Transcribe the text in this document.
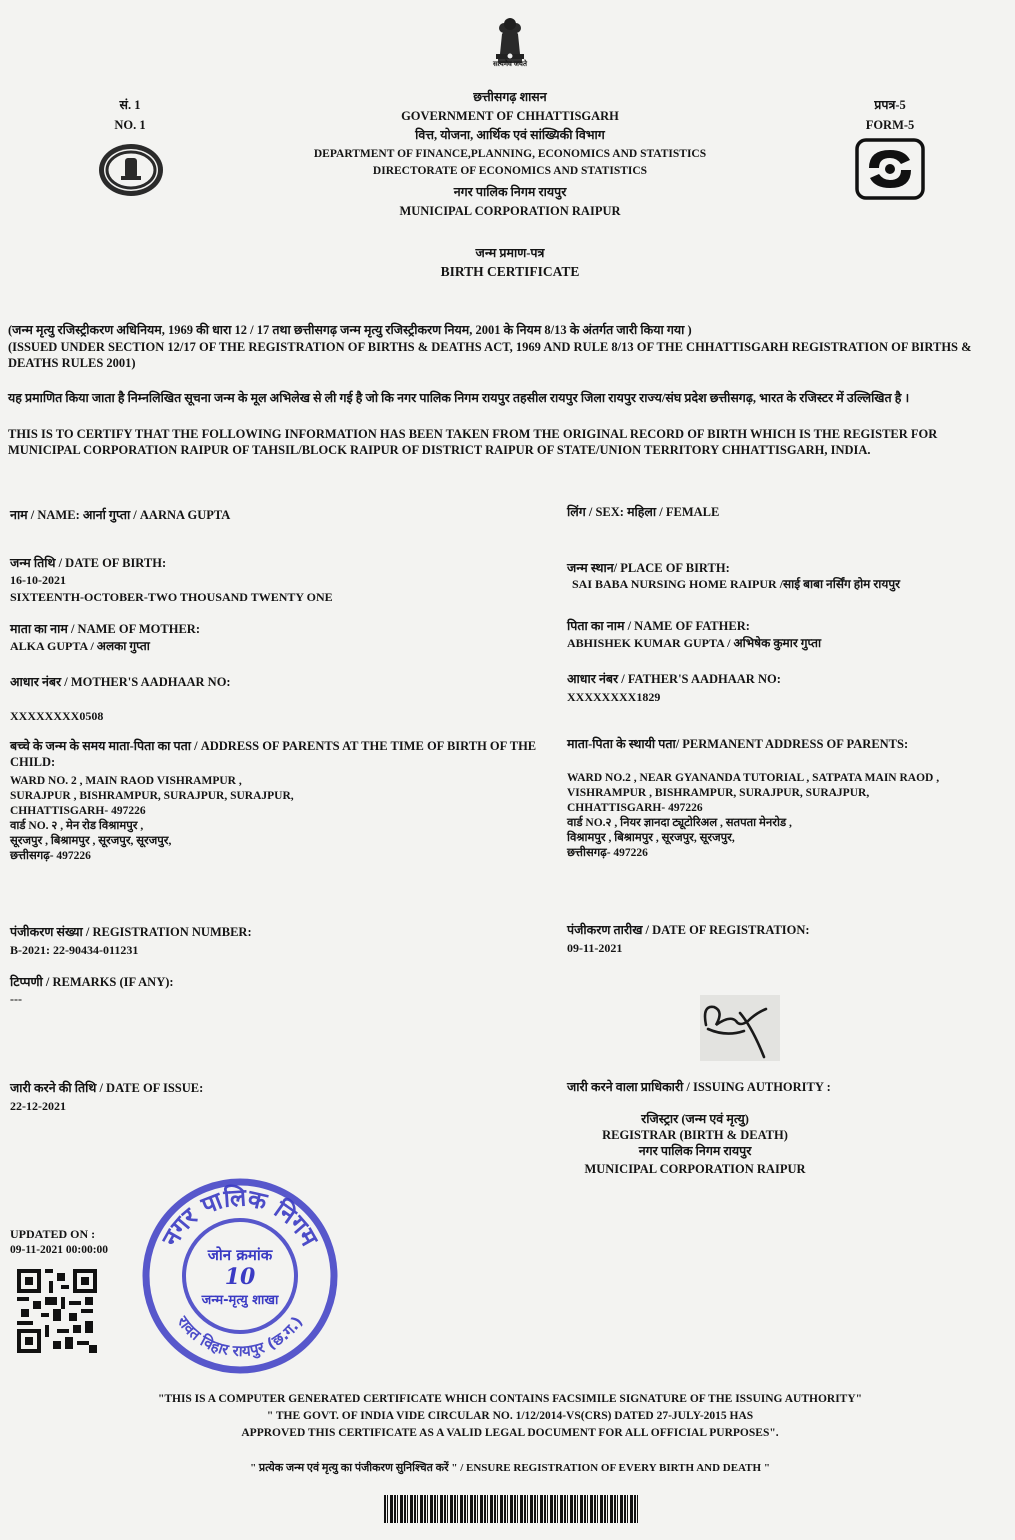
सत्यमेव जयते
सं. 1
NO. 1
प्रपत्र-5
FORM-5
छत्तीसगढ़ शासन
GOVERNMENT OF CHHATTISGARH
वित्त, योजना, आर्थिक एवं सांख्यिकी विभाग
DEPARTMENT OF FINANCE,PLANNING, ECONOMICS AND STATISTICS
DIRECTORATE OF ECONOMICS AND STATISTICS
नगर पालिक निगम रायपुर
MUNICIPAL CORPORATION RAIPUR
जन्म प्रमाण-पत्र
BIRTH CERTIFICATE
(जन्म मृत्यु रजिस्ट्रीकरण अधिनियम, 1969 की धारा 12 / 17 तथा छत्तीसगढ़ जन्म मृत्यु रजिस्ट्रीकरण नियम, 2001 के नियम 8/13 के अंतर्गत जारी किया गया )
(ISSUED UNDER SECTION 12/17 OF THE REGISTRATION OF BIRTHS & DEATHS ACT, 1969 AND RULE 8/13 OF THE CHHATTISGARH REGISTRATION OF BIRTHS & DEATHS RULES 2001)
यह प्रमाणित किया जाता है निम्नलिखित सूचना जन्म के मूल अभिलेख से ली गई है जो कि नगर पालिक निगम रायपुर तहसील रायपुर जिला रायपुर राज्य/संघ प्रदेश छत्तीसगढ़, भारत के रजिस्टर में उल्लिखित है ।
THIS IS TO CERTIFY THAT THE FOLLOWING INFORMATION HAS BEEN TAKEN FROM THE ORIGINAL RECORD OF BIRTH WHICH IS THE REGISTER FOR MUNICIPAL CORPORATION RAIPUR OF TAHSIL/BLOCK RAIPUR OF DISTRICT RAIPUR OF STATE/UNION TERRITORY CHHATTISGARH, INDIA.
नाम / NAME: आर्ना गुप्ता / AARNA GUPTA
जन्म तिथि / DATE OF BIRTH:
16-10-2021
SIXTEENTH-OCTOBER-TWO THOUSAND TWENTY ONE
माता का नाम / NAME OF MOTHER:
ALKA GUPTA / अलका गुप्ता
आधार नंबर / MOTHER'S AADHAAR NO:
XXXXXXXX0508
बच्चे के जन्म के समय माता-पिता का पता / ADDRESS OF PARENTS AT THE TIME OF BIRTH OF THE CHILD:
WARD NO. 2 , MAIN RAOD VISHRAMPUR ,
SURAJPUR , BISHRAMPUR, SURAJPUR, SURAJPUR,
CHHATTISGARH- 497226
वार्ड NO. २ , मेन रोड विश्रामपुर ,
सूरजपुर , बिश्रामपुर , सूरजपुर, सूरजपुर,
छत्तीसगढ़- 497226
पंजीकरण संख्या / REGISTRATION NUMBER:
B-2021: 22-90434-011231
टिप्पणी / REMARKS (IF ANY):
---
जारी करने की तिथि / DATE OF ISSUE:
22-12-2021
लिंग / SEX: महिला / FEMALE
जन्म स्थान/ PLACE OF BIRTH:
SAI BABA NURSING HOME RAIPUR /साई बाबा नर्सिंग होम रायपुर
पिता का नाम / NAME OF FATHER:
ABHISHEK KUMAR GUPTA / अभिषेक कुमार गुप्ता
आधार नंबर / FATHER'S AADHAAR NO:
XXXXXXXX1829
माता-पिता के स्थायी पता/ PERMANENT ADDRESS OF PARENTS:
WARD NO.2 , NEAR GYANANDA TUTORIAL , SATPATA MAIN RAOD ,
VISHRAMPUR , BISHRAMPUR, SURAJPUR, SURAJPUR,
CHHATTISGARH- 497226
वार्ड NO.२ , नियर ज्ञानदा ट्यूटोरिअल , सतपता मेनरोड ,
विश्रामपुर , बिश्रामपुर , सूरजपुर, सूरजपुर,
छत्तीसगढ़- 497226
पंजीकरण तारीख / DATE OF REGISTRATION:
09-11-2021
जारी करने वाला प्राधिकारी / ISSUING AUTHORITY :
रजिस्ट्रार (जन्म एवं मृत्यु)
REGISTRAR (BIRTH & DEATH)
नगर पालिक निगम रायपुर
MUNICIPAL CORPORATION RAIPUR
UPDATED ON :
09-11-2021 00:00:00	नगर पालिक निगम
रावत विहार रायपुर (छ.ग.)
जोन क्रमांक
10
जन्म-मृत्यु शाखा
"THIS IS A COMPUTER GENERATED CERTIFICATE WHICH CONTAINS FACSIMILE SIGNATURE OF THE ISSUING AUTHORITY"
" THE GOVT. OF INDIA VIDE CIRCULAR NO. 1/12/2014-VS(CRS) DATED 27-JULY-2015 HAS
APPROVED THIS CERTIFICATE AS A VALID LEGAL DOCUMENT FOR ALL OFFICIAL PURPOSES".
" प्रत्येक जन्म एवं मृत्यु का पंजीकरण सुनिश्चित करें " / ENSURE REGISTRATION OF EVERY BIRTH AND DEATH "
